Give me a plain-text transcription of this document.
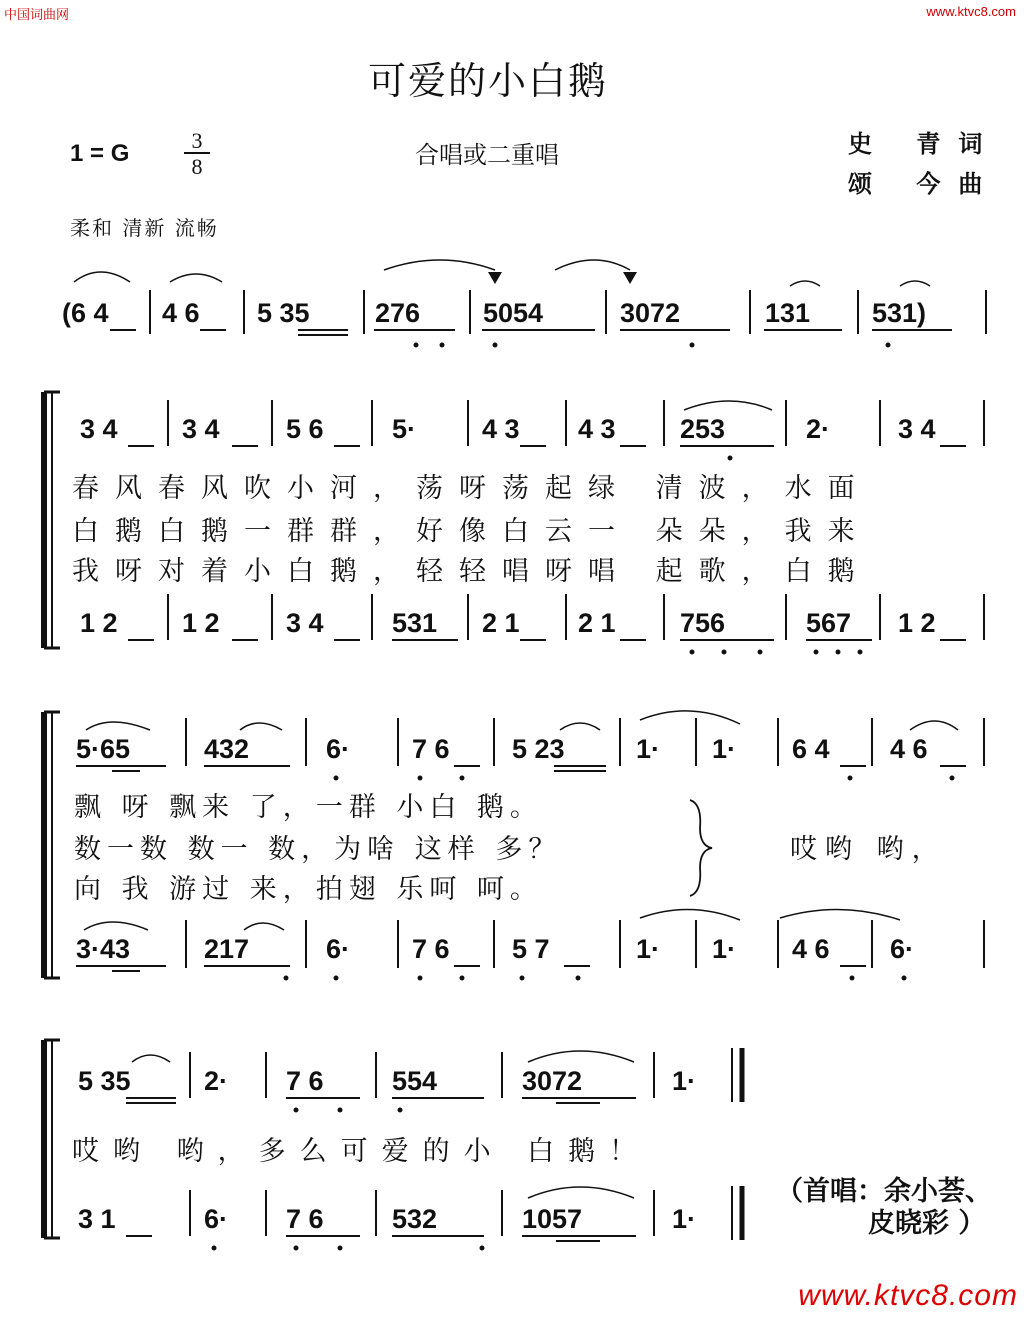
中国词曲网	www.ktvc8.com
可爱的小白鹅
1 = G	3
8	合唱或二重唱	史 青词
颂 今曲
柔和 清新 流畅
(6 4 4 6 5 35 276 5054	3072	131 531)
3 4 3 4 5 6	5· 4 3 4 3 253	2·	3 4
春风春风吹小河，荡呀荡起绿 清波，水面
白鹅白鹅一群群，好像白云一 朵朵，我来
我呀对着小白鹅，轻轻唱呀唱 起歌，白鹅
1 2 1 2 3 4	531 2 1 2 1 756	567 1 2
5·65	432	6· 7 6 5 23	1· 1· 6 4 4 6
飘 呀 飘来 了，一群 小白 鹅。
数一数 数一 数，为啥 这样 多？
向 我 游过 来，拍翅 乐呵 呵。
哎哟 哟，
3·43	217	6· 7 6 5 7	1· 1· 4 6 6·
5 35	2· 7 6	554	3072	1·
哎哟 哟，多么可爱的小 白鹅！
（首唱：余小荟、
皮晓彩 ）
3 1	6· 7 6	532	1057	1·
www.ktvc8.com
